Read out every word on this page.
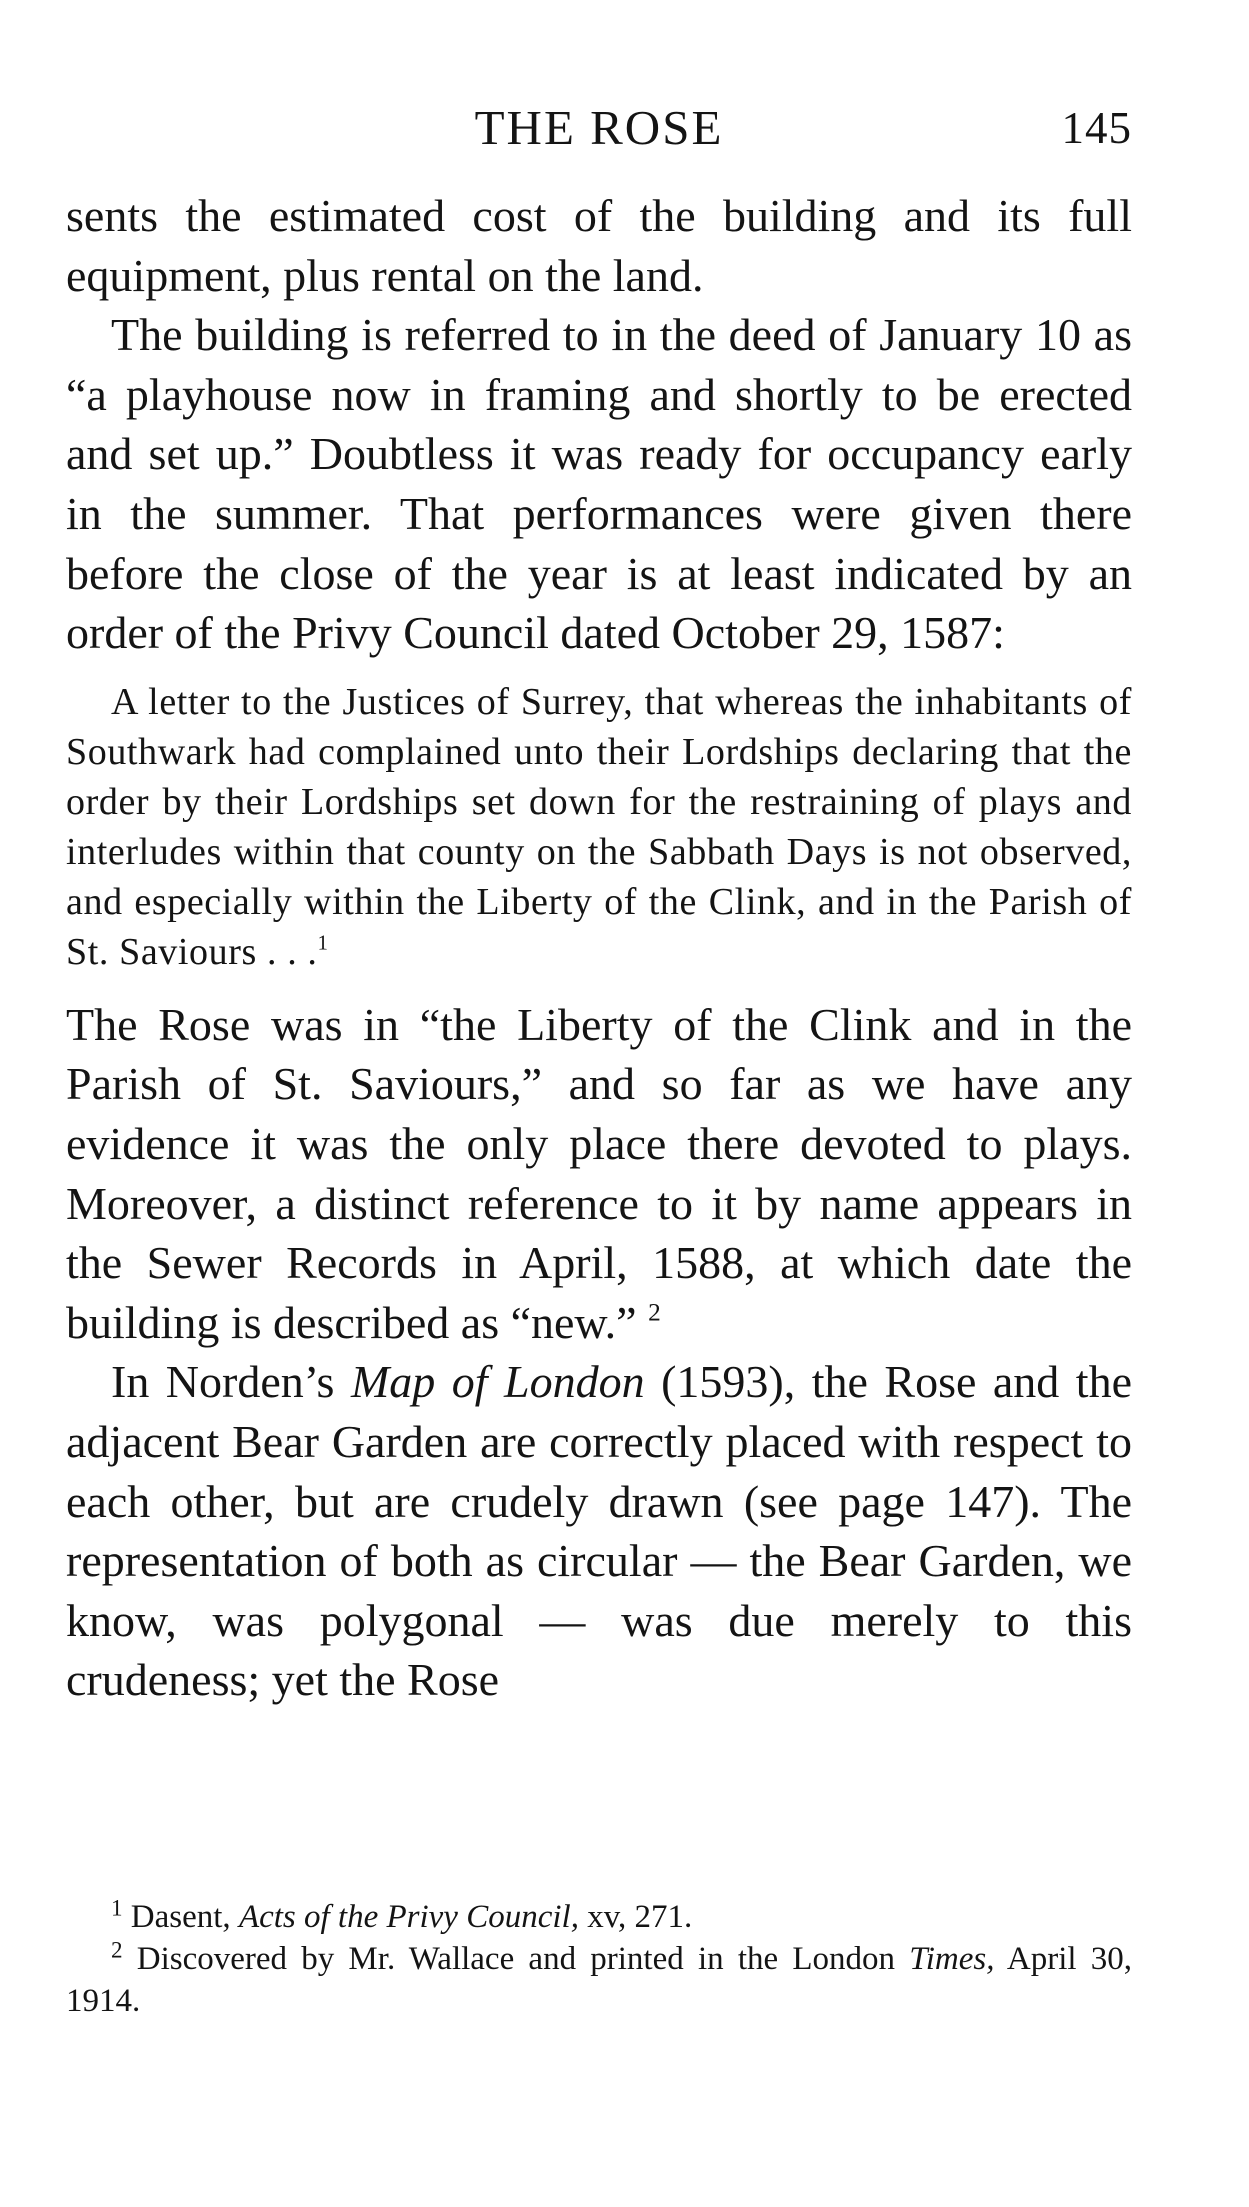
THE ROSE	145

sents the estimated cost of the building and its full equipment, plus rental on the land.

The building is referred to in the deed of January 10 as “a playhouse now in framing and shortly to be erected and set up.” Doubtless it was ready for occupancy early in the summer. That performances were given there before the close of the year is at least indicated by an order of the Privy Council dated October 29, 1587:

A letter to the Justices of Surrey, that whereas the inhabitants of Southwark had complained unto their Lordships declaring that the order by their Lordships set down for the restraining of plays and interludes within that county on the Sabbath Days is not observed, and especially within the Liberty of the Clink, and in the Parish of St. Saviours . . .$^1$

The Rose was in “the Liberty of the Clink and in the Parish of St. Saviours,” and so far as we have any evidence it was the only place there devoted to plays. Moreover, a distinct reference to it by name appears in the Sewer Records in April, 1588, at which date the building is described as “new.” $^2$

In Norden’s Map of London (1593), the Rose and the adjacent Bear Garden are correctly placed with respect to each other, but are crudely drawn (see page 147). The representation of both as circular — the Bear Garden, we know, was polygonal — was due merely to this crudeness; yet the Rose

$^1$ Dasent, Acts of the Privy Council, xv, 271.

$^2$ Discovered by Mr. Wallace and printed in the London Times, April 30, 1914.
